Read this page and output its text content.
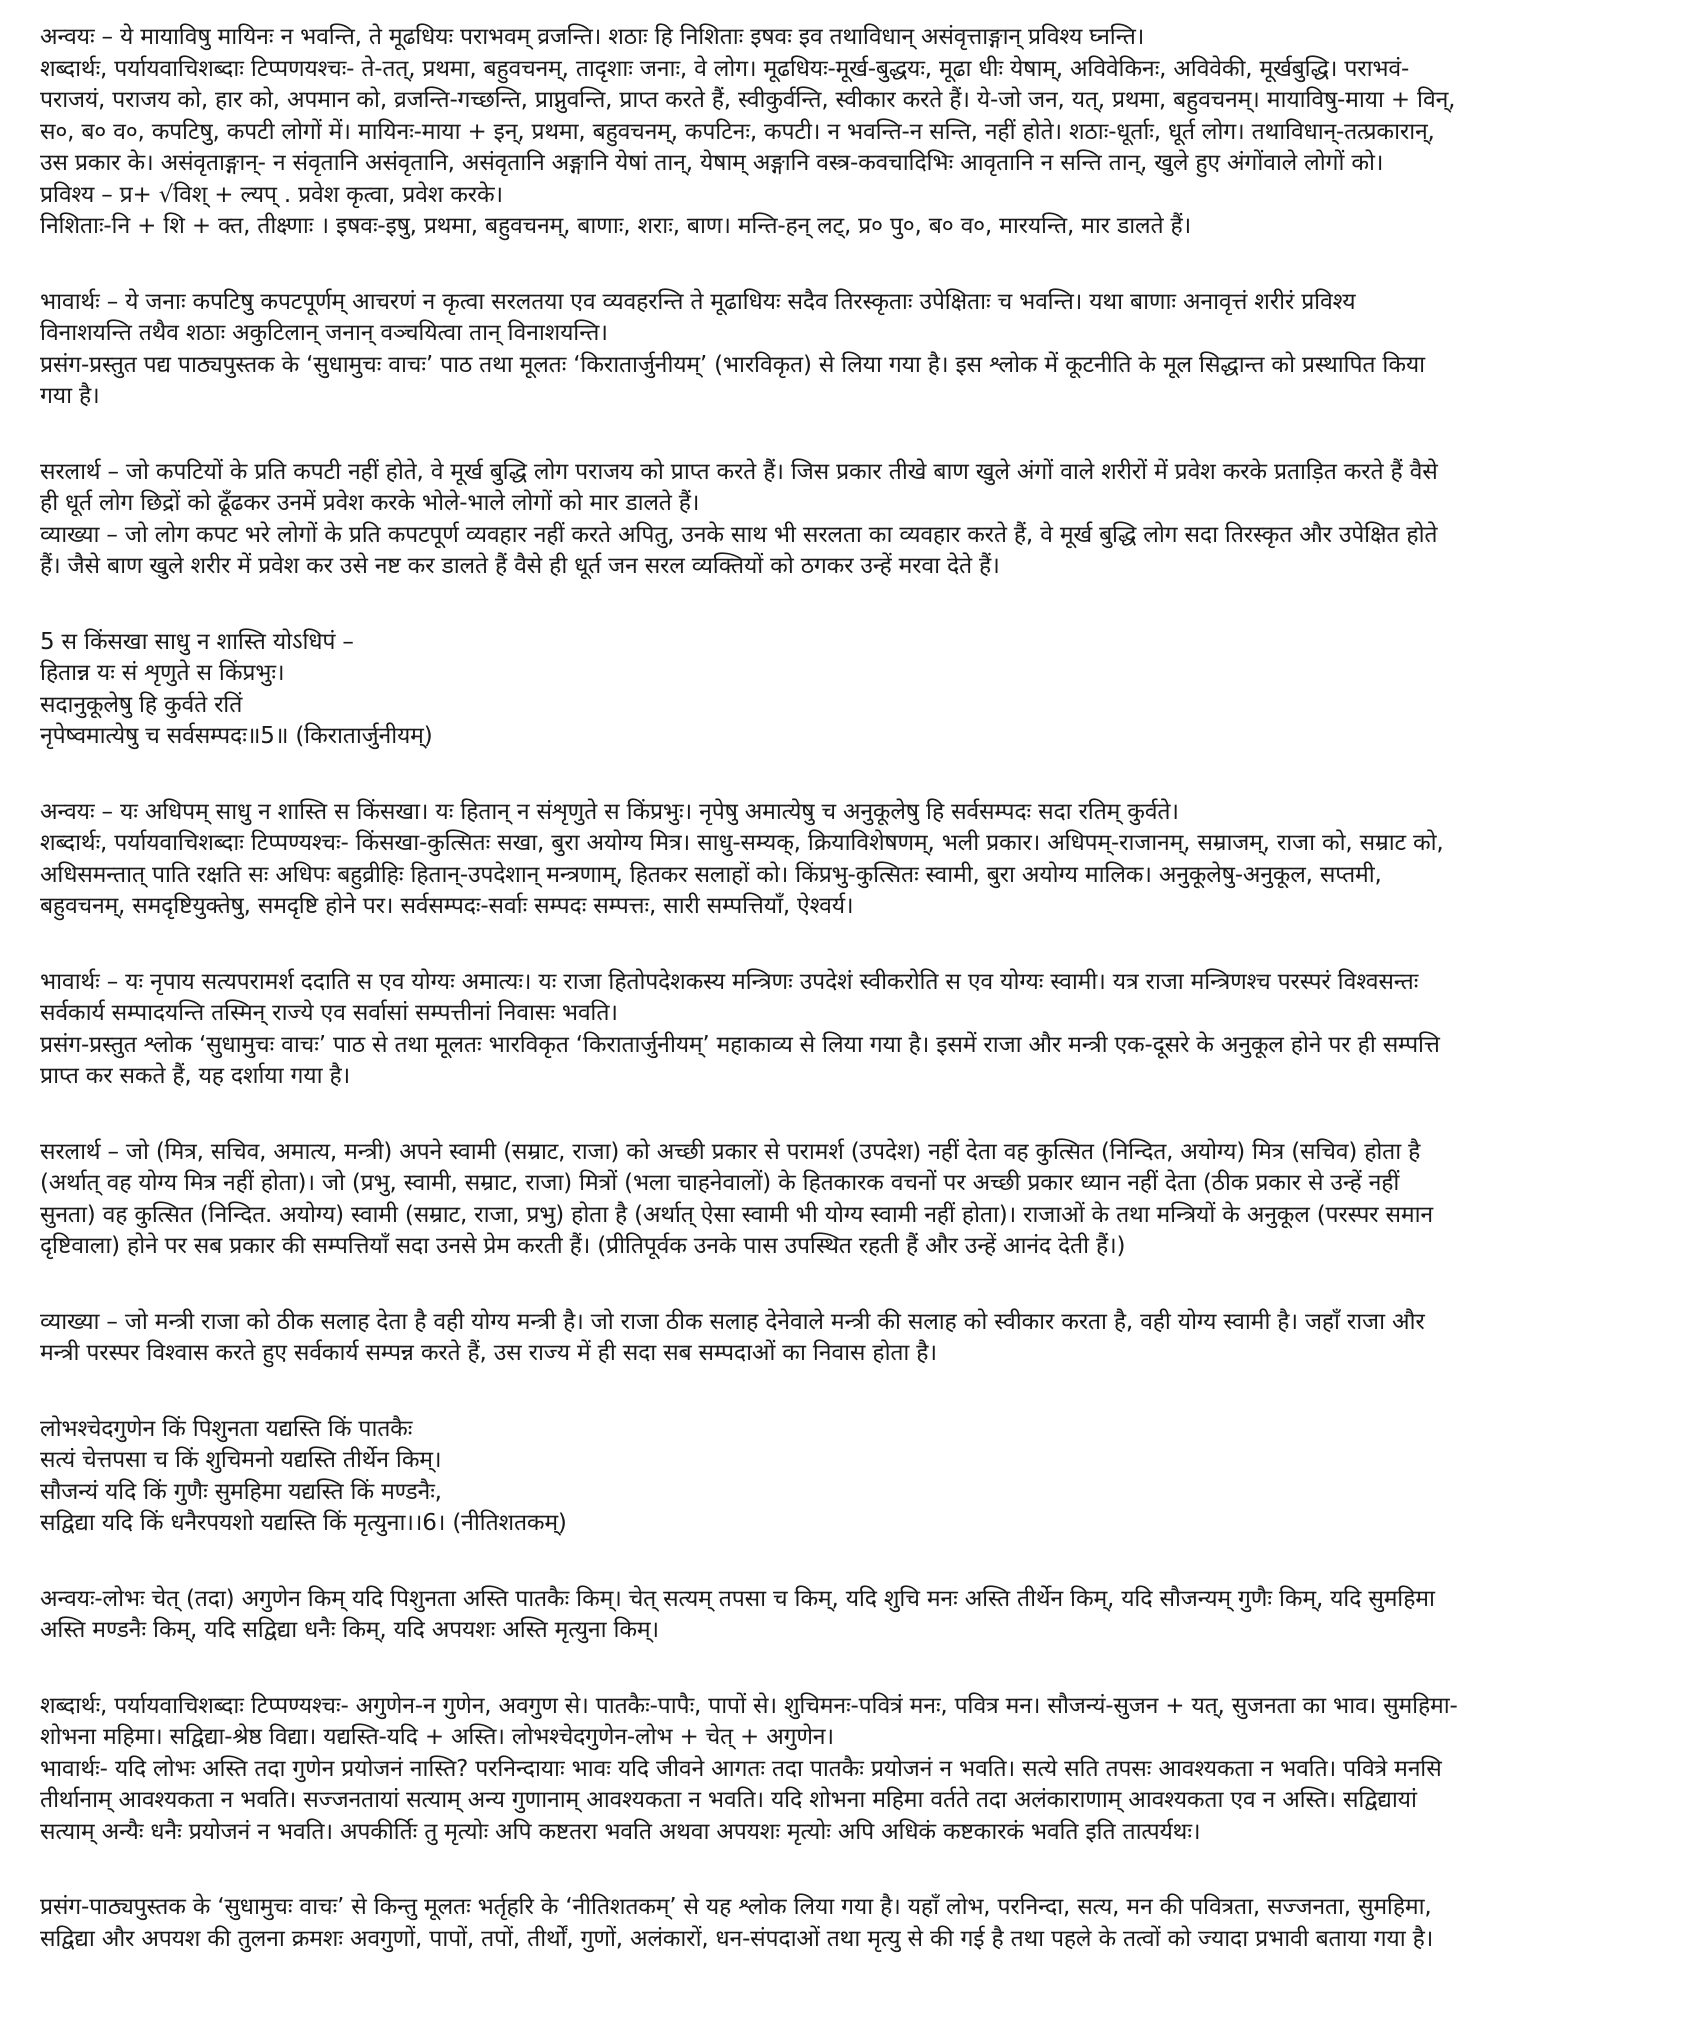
अन्वयः – ये मायाविषु मायिनः न भवन्ति, ते मूढधियः पराभवम् व्रजन्ति। शठाः हि निशिताः इषवः इव तथाविधान् असंवृत्ताङ्गान् प्रविश्य घ्नन्ति।
शब्दार्थः, पर्यायवाचिशब्दाः टिप्पणयश्चः- ते-तत्, प्रथमा, बहुवचनम्, तादृशाः जनाः, वे लोग। मूढधियः-मूर्ख-बुद्धयः, मूढा धीः येषाम्, अविवेकिनः, अविवेकी, मूर्खबुद्धि। पराभवं-
पराजयं, पराजय को, हार को, अपमान को, व्रजन्ति-गच्छन्ति, प्राप्नुवन्ति, प्राप्त करते हैं, स्वीकुर्वन्ति, स्वीकार करते हैं। ये-जो जन, यत्, प्रथमा, बहुवचनम्। मायाविषु-माया + विन्,
स०, ब० व०, कपटिषु, कपटी लोगों में। मायिनः-माया + इन्, प्रथमा, बहुवचनम्, कपटिनः, कपटी। न भवन्ति-न सन्ति, नहीं होते। शठाः-धूर्ताः, धूर्त लोग। तथाविधान्-तत्प्रकारान्,
उस प्रकार के। असंवृताङ्गान्- न संवृतानि असंवृतानि, असंवृतानि अङ्गानि येषां तान्, येषाम् अङ्गानि वस्त्र-कवचादिभिः आवृतानि न सन्ति तान्, खुले हुए अंगोंवाले लोगों को।
प्रविश्य – प्र+ √विश् + ल्यप् . प्रवेश कृत्वा, प्रवेश करके।
निशिताः-नि + शि + क्त, तीक्ष्णाः । इषवः-इषु, प्रथमा, बहुवचनम्, बाणाः, शराः, बाण। मन्ति-हन् लट्, प्र० पु०, ब० व०, मारयन्ति, मार डालते हैं।
भावार्थः – ये जनाः कपटिषु कपटपूर्णम् आचरणं न कृत्वा सरलतया एव व्यवहरन्ति ते मूढाधियः सदैव तिरस्कृताः उपेक्षिताः च भवन्ति। यथा बाणाः अनावृत्तं शरीरं प्रविश्य
विनाशयन्ति तथैव शठाः अकुटिलान् जनान् वञ्चयित्वा तान् विनाशयन्ति।
प्रसंग-प्रस्तुत पद्य पाठ्यपुस्तक के ‘सुधामुचः वाचः’ पाठ तथा मूलतः ‘किरातार्जुनीयम्’ (भारविकृत) से लिया गया है। इस श्लोक में कूटनीति के मूल सिद्धान्त को प्रस्थापित किया
गया है।
सरलार्थ – जो कपटियों के प्रति कपटी नहीं होते, वे मूर्ख बुद्धि लोग पराजय को प्राप्त करते हैं। जिस प्रकार तीखे बाण खुले अंगों वाले शरीरों में प्रवेश करके प्रताड़ित करते हैं वैसे
ही धूर्त लोग छिद्रों को ढूँढकर उनमें प्रवेश करके भोले-भाले लोगों को मार डालते हैं।
व्याख्या – जो लोग कपट भरे लोगों के प्रति कपटपूर्ण व्यवहार नहीं करते अपितु, उनके साथ भी सरलता का व्यवहार करते हैं, वे मूर्ख बुद्धि लोग सदा तिरस्कृत और उपेक्षित होते
हैं। जैसे बाण खुले शरीर में प्रवेश कर उसे नष्ट कर डालते हैं वैसे ही धूर्त जन सरल व्यक्तियों को ठगकर उन्हें मरवा देते हैं।
5 स किंसखा साधु न शास्ति योऽधिपं –
हितान्न यः सं शृणुते स किंप्रभुः।
सदानुकूलेषु हि कुर्वते रतिं
नृपेष्वमात्येषु च सर्वसम्पदः॥5॥ (किरातार्जुनीयम्)
अन्वयः – यः अधिपम् साधु न शास्ति स किंसखा। यः हितान् न संशृणुते स किंप्रभुः। नृपेषु अमात्येषु च अनुकूलेषु हि सर्वसम्पदः सदा रतिम् कुर्वते।
शब्दार्थः, पर्यायवाचिशब्दाः टिप्पण्यश्चः- किंसखा-कुत्सितः सखा, बुरा अयोग्य मित्र। साधु-सम्यक्, क्रियाविशेषणम्, भली प्रकार। अधिपम्-राजानम्, सम्राजम्, राजा को, सम्राट को,
अधिसमन्तात् पाति रक्षति सः अधिपः बहुव्रीहिः हितान्-उपदेशान् मन्त्रणाम्, हितकर सलाहों को। किंप्रभु-कुत्सितः स्वामी, बुरा अयोग्य मालिक। अनुकूलेषु-अनुकूल, सप्तमी,
बहुवचनम्, समदृष्टियुक्तेषु, समदृष्टि होने पर। सर्वसम्पदः-सर्वाः सम्पदः सम्पत्तः, सारी सम्पत्तियाँ, ऐश्वर्य।
भावार्थः – यः नृपाय सत्यपरामर्श ददाति स एव योग्यः अमात्यः। यः राजा हितोपदेशकस्य मन्त्रिणः उपदेशं स्वीकरोति स एव योग्यः स्वामी। यत्र राजा मन्त्रिणश्च परस्परं विश्वसन्तः
सर्वकार्य सम्पादयन्ति तस्मिन् राज्ये एव सर्वासां सम्पत्तीनां निवासः भवति।
प्रसंग-प्रस्तुत श्लोक ‘सुधामुचः वाचः’ पाठ से तथा मूलतः भारविकृत ‘किरातार्जुनीयम्’ महाकाव्य से लिया गया है। इसमें राजा और मन्त्री एक-दूसरे के अनुकूल होने पर ही सम्पत्ति
प्राप्त कर सकते हैं, यह दर्शाया गया है।
सरलार्थ – जो (मित्र, सचिव, अमात्य, मन्त्री) अपने स्वामी (सम्राट, राजा) को अच्छी प्रकार से परामर्श (उपदेश) नहीं देता वह कुत्सित (निन्दित, अयोग्य) मित्र (सचिव) होता है
(अर्थात् वह योग्य मित्र नहीं होता)। जो (प्रभु, स्वामी, सम्राट, राजा) मित्रों (भला चाहनेवालों) के हितकारक वचनों पर अच्छी प्रकार ध्यान नहीं देता (ठीक प्रकार से उन्हें नहीं
सुनता) वह कुत्सित (निन्दित. अयोग्य) स्वामी (सम्राट, राजा, प्रभु) होता है (अर्थात् ऐसा स्वामी भी योग्य स्वामी नहीं होता)। राजाओं के तथा मन्त्रियों के अनुकूल (परस्पर समान
दृष्टिवाला) होने पर सब प्रकार की सम्पत्तियाँ सदा उनसे प्रेम करती हैं। (प्रीतिपूर्वक उनके पास उपस्थित रहती हैं और उन्हें आनंद देती हैं।)
व्याख्या – जो मन्त्री राजा को ठीक सलाह देता है वही योग्य मन्त्री है। जो राजा ठीक सलाह देनेवाले मन्त्री की सलाह को स्वीकार करता है, वही योग्य स्वामी है। जहाँ राजा और
मन्त्री परस्पर विश्वास करते हुए सर्वकार्य सम्पन्न करते हैं, उस राज्य में ही सदा सब सम्पदाओं का निवास होता है।
लोभश्चेदगुणेन किं पिशुनता यद्यस्ति किं पातकैः
सत्यं चेत्तपसा च किं शुचिमनो यद्यस्ति तीर्थेन किम्।
सौजन्यं यदि किं गुणैः सुमहिमा यद्यस्ति किं मण्डनैः,
सद्विद्या यदि किं धनैरपयशो यद्यस्ति किं मृत्युना।।6। (नीतिशतकम्)
अन्वयः-लोभः चेत् (तदा) अगुणेन किम् यदि पिशुनता अस्ति पातकैः किम्। चेत् सत्यम् तपसा च किम्, यदि शुचि मनः अस्ति तीर्थेन किम्, यदि सौजन्यम् गुणैः किम्, यदि सुमहिमा
अस्ति मण्डनैः किम्, यदि सद्विद्या धनैः किम्, यदि अपयशः अस्ति मृत्युना किम्।
शब्दार्थः, पर्यायवाचिशब्दाः टिप्पण्यश्चः- अगुणेन-न गुणेन, अवगुण से। पातकैः-पापैः, पापों से। शुचिमनः-पवित्रं मनः, पवित्र मन। सौजन्यं-सुजन + यत्, सुजनता का भाव। सुमहिमा-
शोभना महिमा। सद्विद्या-श्रेष्ठ विद्या। यद्यस्ति-यदि + अस्ति। लोभश्चेदगुणेन-लोभ + चेत् + अगुणेन।
भावार्थः- यदि लोभः अस्ति तदा गुणेन प्रयोजनं नास्ति? परनिन्दायाः भावः यदि जीवने आगतः तदा पातकैः प्रयोजनं न भवति। सत्ये सति तपसः आवश्यकता न भवति। पवित्रे मनसि
तीर्थानाम् आवश्यकता न भवति। सज्जनतायां सत्याम् अन्य गुणानाम् आवश्यकता न भवति। यदि शोभना महिमा वर्तते तदा अलंकाराणाम् आवश्यकता एव न अस्ति। सद्विद्यायां
सत्याम् अन्यैः धनैः प्रयोजनं न भवति। अपकीर्तिः तु मृत्योः अपि कष्टतरा भवति अथवा अपयशः मृत्योः अपि अधिकं कष्टकारकं भवति इति तात्पर्यथः।
प्रसंग-पाठ्यपुस्तक के ‘सुधामुचः वाचः’ से किन्तु मूलतः भर्तृहरि के ‘नीतिशतकम्’ से यह श्लोक लिया गया है। यहाँ लोभ, परनिन्दा, सत्य, मन की पवित्रता, सज्जनता, सुमहिमा,
सद्विद्या और अपयश की तुलना क्रमशः अवगुणों, पापों, तपों, तीर्थों, गुणों, अलंकारों, धन-संपदाओं तथा मृत्यु से की गई है तथा पहले के तत्वों को ज्यादा प्रभावी बताया गया है।
